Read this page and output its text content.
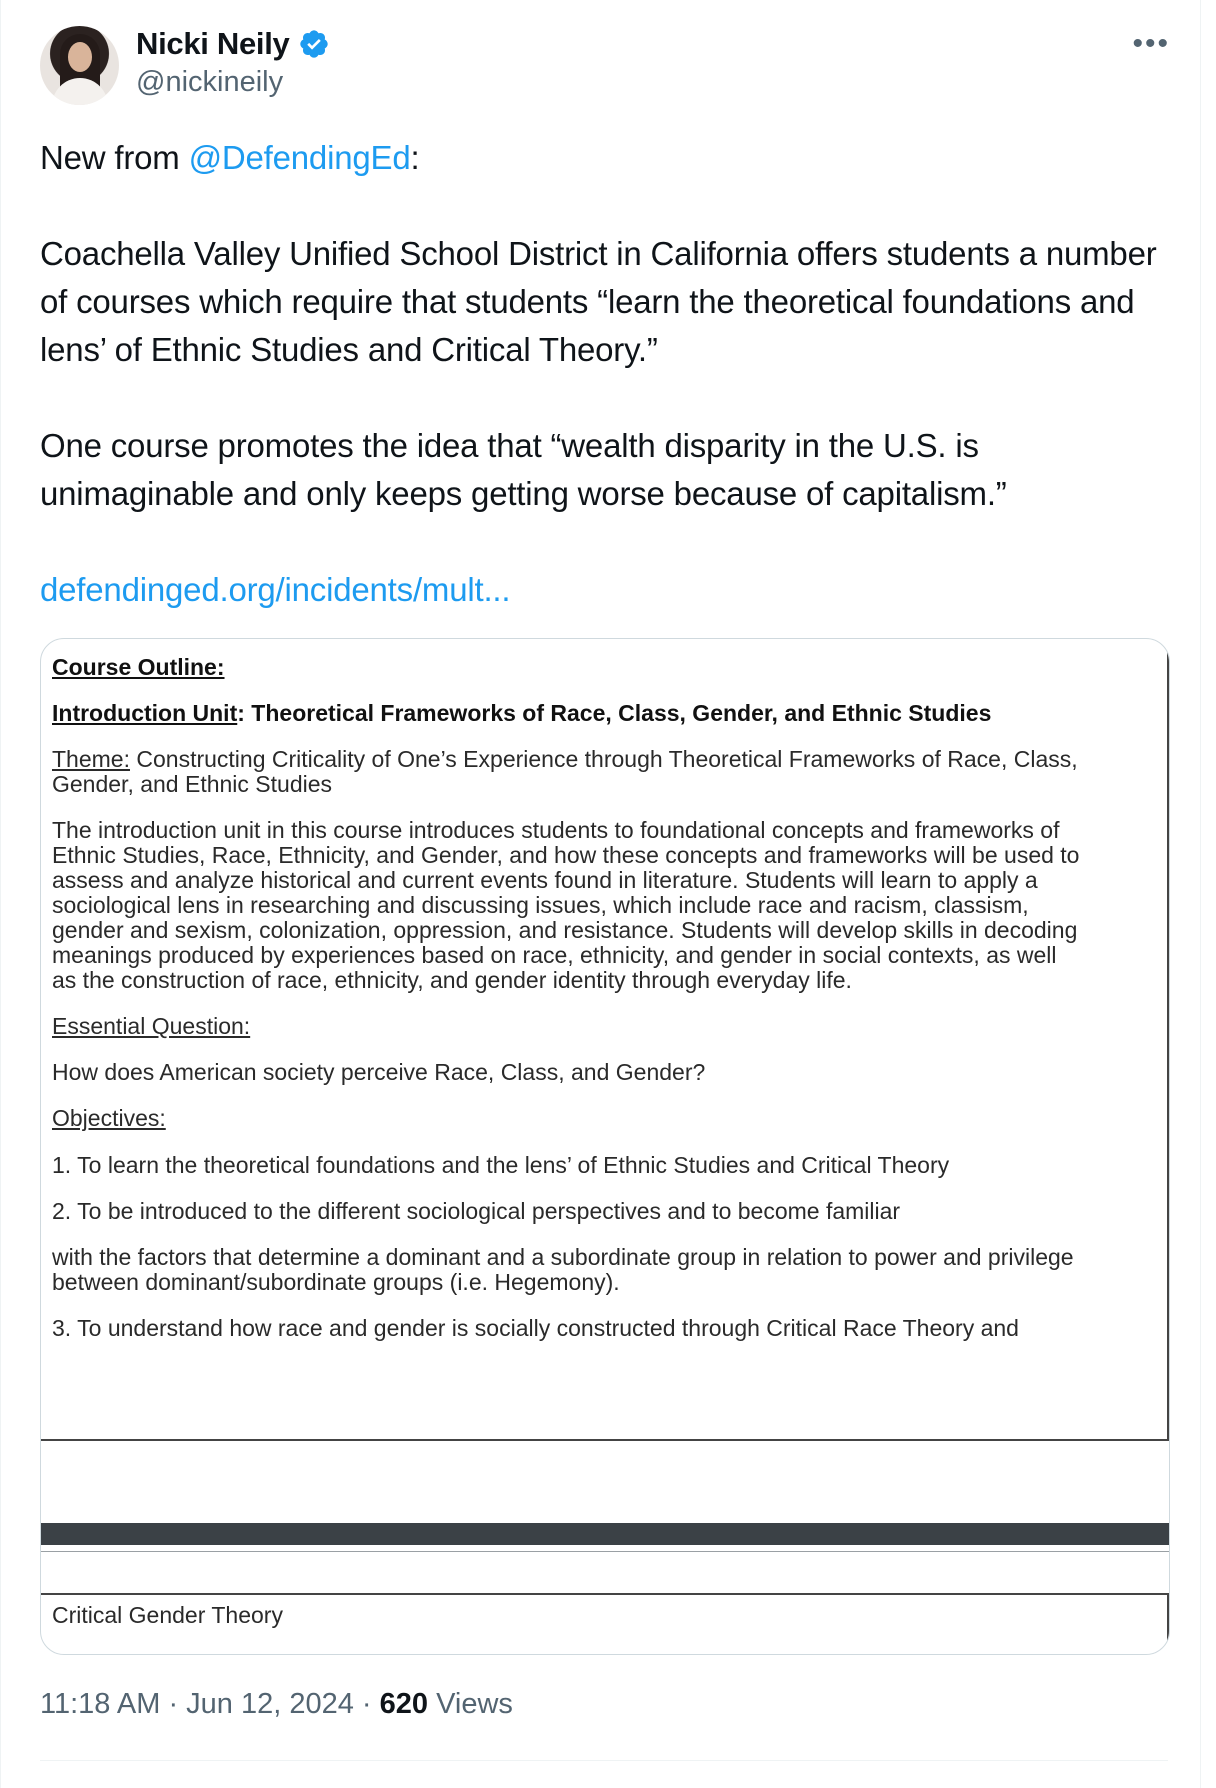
Nicki Neily
@nickineily
•••

New from @DefendingEd:

Coachella Valley Unified School District in California offers students a number of courses which require that students “learn the theoretical foundations and lens’ of Ethnic Studies and Critical Theory.”

One course promotes the idea that “wealth disparity in the U.S. is unimaginable and only keeps getting worse because of capitalism.”

defendinged.org/incidents/mult...

Course Outline:
Introduction Unit: Theoretical Frameworks of Race, Class, Gender, and Ethnic Studies
Theme: Constructing Criticality of One’s Experience through Theoretical Frameworks of Race, Class,
Gender, and Ethnic Studies
The introduction unit in this course introduces students to foundational concepts and frameworks of
Ethnic Studies, Race, Ethnicity, and Gender, and how these concepts and frameworks will be used to
assess and analyze historical and current events found in literature. Students will learn to apply a
sociological lens in researching and discussing issues, which include race and racism, classism,
gender and sexism, colonization, oppression, and resistance. Students will develop skills in decoding
meanings produced by experiences based on race, ethnicity, and gender in social contexts, as well
as the construction of race, ethnicity, and gender identity through everyday life.
Essential Question:
How does American society perceive Race, Class, and Gender?
Objectives:
1. To learn the theoretical foundations and the lens’ of Ethnic Studies and Critical Theory
2. To be introduced to the different sociological perspectives and to become familiar
with the factors that determine a dominant and a subordinate group in relation to power and privilege
between dominant/subordinate groups (i.e. Hegemony).
3. To understand how race and gender is socially constructed through Critical Race Theory and
Critical Gender Theory
11:18 AM · Jun 12, 2024 · 620 Views
